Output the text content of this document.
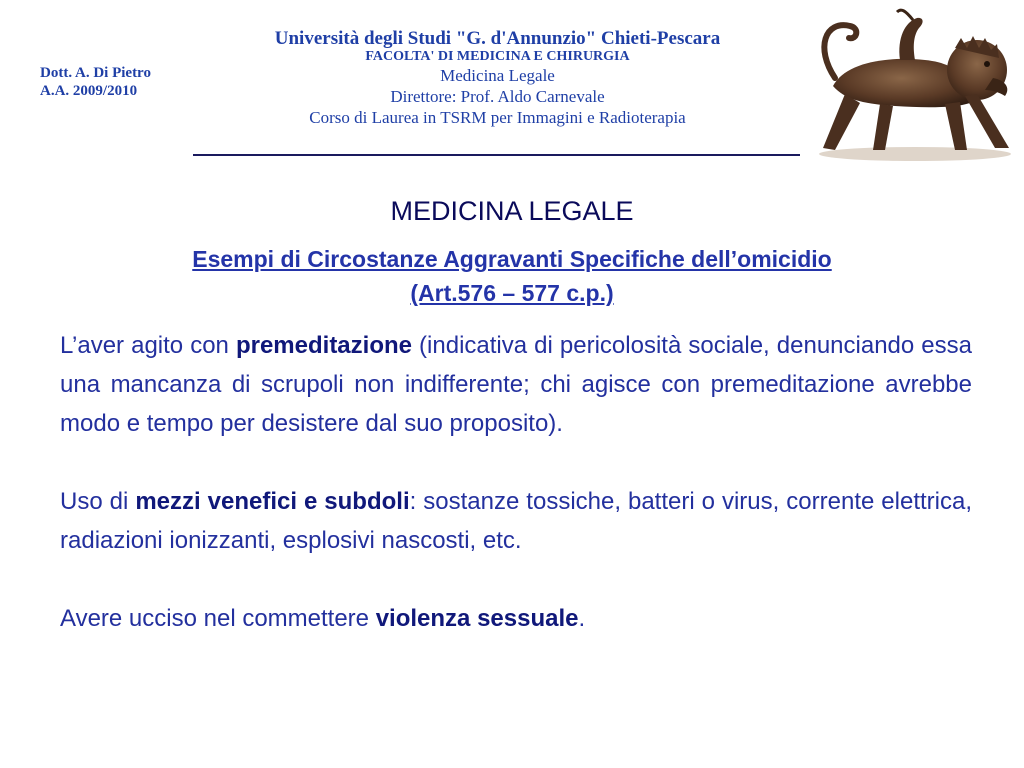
Dott. A. Di Pietro
A.A. 2009/2010
Università degli Studi "G. d'Annunzio" Chieti-Pescara
FACOLTA' DI MEDICINA E CHIRURGIA
Medicina Legale
Direttore: Prof. Aldo Carnevale
Corso di Laurea in TSRM per Immagini e Radioterapia
MEDICINA LEGALE
Esempi di Circostanze Aggravanti Specifiche dell’omicidio
(Art.576 – 577 c.p.)

L’aver agito con premeditazione (indicativa di pericolosità sociale, denunciando essa una mancanza di scrupoli non indifferente; chi agisce con premeditazione avrebbe modo e tempo per desistere dal suo proposito).

Uso di mezzi venefici e subdoli: sostanze tossiche, batteri o virus, corrente elettrica, radiazioni ionizzanti, esplosivi nascosti, etc.

Avere ucciso nel commettere violenza sessuale.
